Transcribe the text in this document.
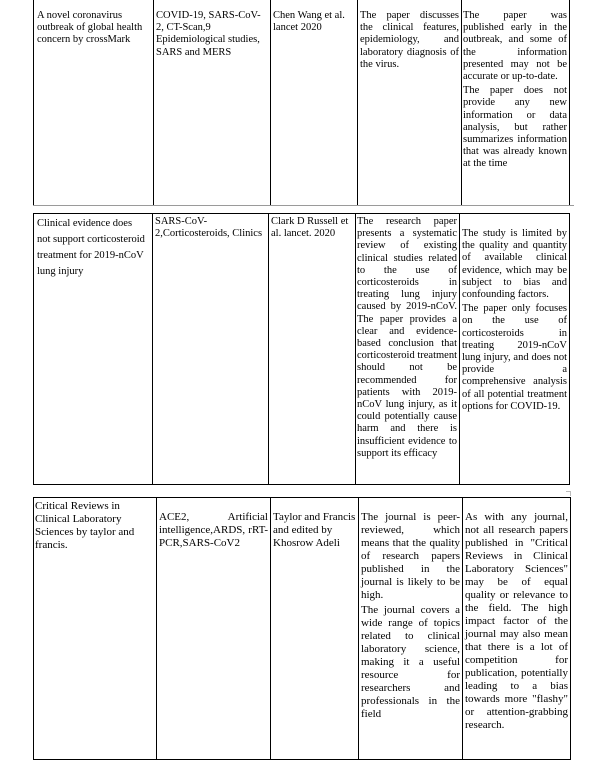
A novel coronavirus outbreak of global health concern by crossMark

COVID-19, SARS-CoV-2, CT-Scan,9 Epidemiological studies, SARS and MERS

Chen Wang et al. lancet 2020

The paper discusses the clinical features, epidemiology, and laboratory diagnosis of the virus.

The paper was published early in the outbreak, and some of the information presented may not be accurate or up-to-date.

The paper does not provide any new information or data analysis, but rather summarizes information that was already known at the time

Clinical evidence does not support corticosteroid treatment for 2019-nCoV lung injury

SARS-CoV-2,Corticosteroids, Clinics

Clark D Russell et al. lancet. 2020

The research paper presents a systematic review of existing clinical studies related to the use of corticosteroids in treating lung injury caused by 2019-nCoV. The paper provides a clear and evidence-based conclusion that corticosteroid treatment should not be recommended for patients with 2019-nCoV lung injury, as it could potentially cause harm and there is insufficient evidence to support its efficacy

The study is limited by the quality and quantity of available clinical evidence, which may be subject to bias and confounding factors.

The paper only focuses on the use of corticosteroids in treating 2019-nCoV lung injury, and does not provide a comprehensive analysis of all potential treatment options for COVID-19.

Critical Reviews in Clinical Laboratory Sciences by taylor and francis.

ACE2, Artificial intelligence,ARDS, rRT-PCR,SARS-CoV2

Taylor and Francis and edited by Khosrow Adeli

The journal is peer-reviewed, which means that the quality of research papers published in the journal is likely to be high.

The journal covers a wide range of topics related to clinical laboratory science, making it a useful resource for researchers and professionals in the field

As with any journal, not all research papers published in "Critical Reviews in Clinical Laboratory Sciences" may be of equal quality or relevance to the field. The high impact factor of the journal may also mean that there is a lot of competition for publication, potentially leading to a bias towards more "flashy" or attention-grabbing research.
